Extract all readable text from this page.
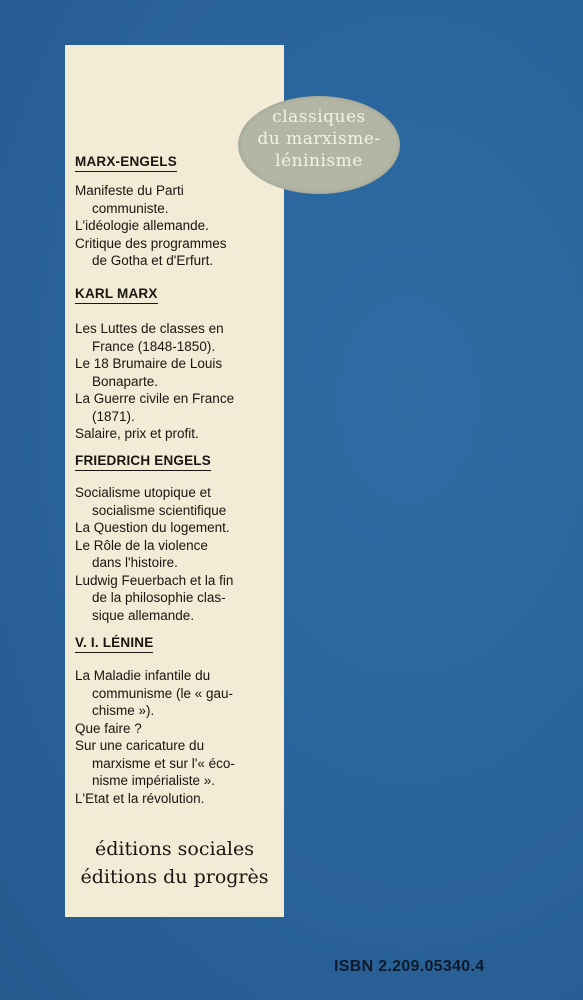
MARX-ENGELS
Manifeste du Parti
communiste.
L'idéologie allemande.
Critique des programmes
de Gotha et d'Erfurt.
KARL MARX
Les Luttes de classes en
France (1848-1850).
Le 18 Brumaire de Louis
Bonaparte.
La Guerre civile en France
(1871).
Salaire, prix et profit.
FRIEDRICH ENGELS
Socialisme utopique et
socialisme scientifique
La Question du logement.
Le Rôle de la violence
dans l'histoire.
Ludwig Feuerbach et la fin
de la philosophie clas-
sique allemande.
V. I. LÉNINE
La Maladie infantile du
communisme (le « gau-
chisme »).
Que faire ?
Sur une caricature du
marxisme et sur l'« éco-
nisme impérialiste ».
L'Etat et la révolution.
éditions sociales
éditions du progrès
classiques
du marxisme-
léninisme
ISBN 2.209.05340.4
